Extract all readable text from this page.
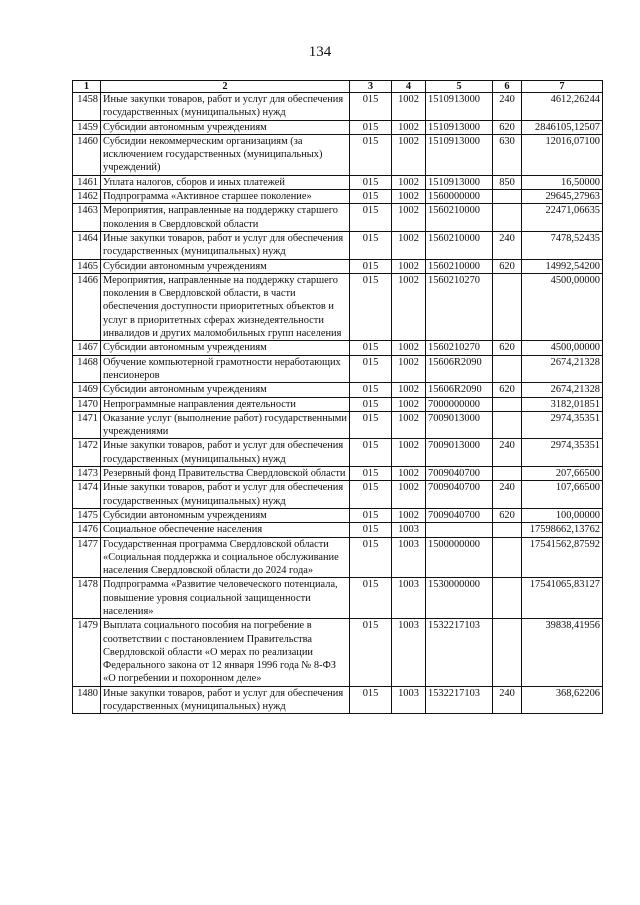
134
1	2	3	4	5	6	7
1458	Иные закупки товаров, работ и услуг для обеспечения государственных (муниципальных) нужд	015	1002	1510913000	240	4612,26244
1459	Субсидии автономным учреждениям	015	1002	1510913000	620	2846105,12507
1460	Субсидии некоммерческим организациям (за исключением государственных (муниципальных) учреждений)	015	1002	1510913000	630	12016,07100
1461	Уплата налогов, сборов и иных платежей	015	1002	1510913000	850	16,50000
1462	Подпрограмма «Активное старшее поколение»	015	1002	1560000000		29645,27963
1463	Мероприятия, направленные на поддержку старшего поколения в Свердловской области	015	1002	1560210000		22471,06635
1464	Иные закупки товаров, работ и услуг для обеспечения государственных (муниципальных) нужд	015	1002	1560210000	240	7478,52435
1465	Субсидии автономным учреждениям	015	1002	1560210000	620	14992,54200
1466	Мероприятия, направленные на поддержку старшего поколения в Свердловской области, в части обеспечения доступности приоритетных объектов и услуг в приоритетных сферах жизнедеятельности инвалидов и других маломобильных групп населения	015	1002	1560210270		4500,00000
1467	Субсидии автономным учреждениям	015	1002	1560210270	620	4500,00000
1468	Обучение компьютерной грамотности неработающих пенсионеров	015	1002	15606R2090		2674,21328
1469	Субсидии автономным учреждениям	015	1002	15606R2090	620	2674,21328
1470	Непрограммные направления деятельности	015	1002	7000000000		3182,01851
1471	Оказание услуг (выполнение работ) государственными учреждениями	015	1002	7009013000		2974,35351
1472	Иные закупки товаров, работ и услуг для обеспечения государственных (муниципальных) нужд	015	1002	7009013000	240	2974,35351
1473	Резервный фонд Правительства Свердловской области	015	1002	7009040700		207,66500
1474	Иные закупки товаров, работ и услуг для обеспечения государственных (муниципальных) нужд	015	1002	7009040700	240	107,66500
1475	Субсидии автономным учреждениям	015	1002	7009040700	620	100,00000
1476	Социальное обеспечение населения	015	1003			17598662,13762
1477	Государственная программа Свердловской области «Социальная поддержка и социальное обслуживание населения Свердловской области до 2024 года»	015	1003	1500000000		17541562,87592
1478	Подпрограмма «Развитие человеческого потенциала, повышение уровня социальной защищенности населения»	015	1003	1530000000		17541065,83127
1479	Выплата социального пособия на погребение в соответствии с постановлением Правительства Свердловской области «О мерах по реализации Федерального закона от 12 января 1996 года № 8-ФЗ «О погребении и похоронном деле»	015	1003	1532217103		39838,41956
1480	Иные закупки товаров, работ и услуг для обеспечения государственных (муниципальных) нужд	015	1003	1532217103	240	368,62206
